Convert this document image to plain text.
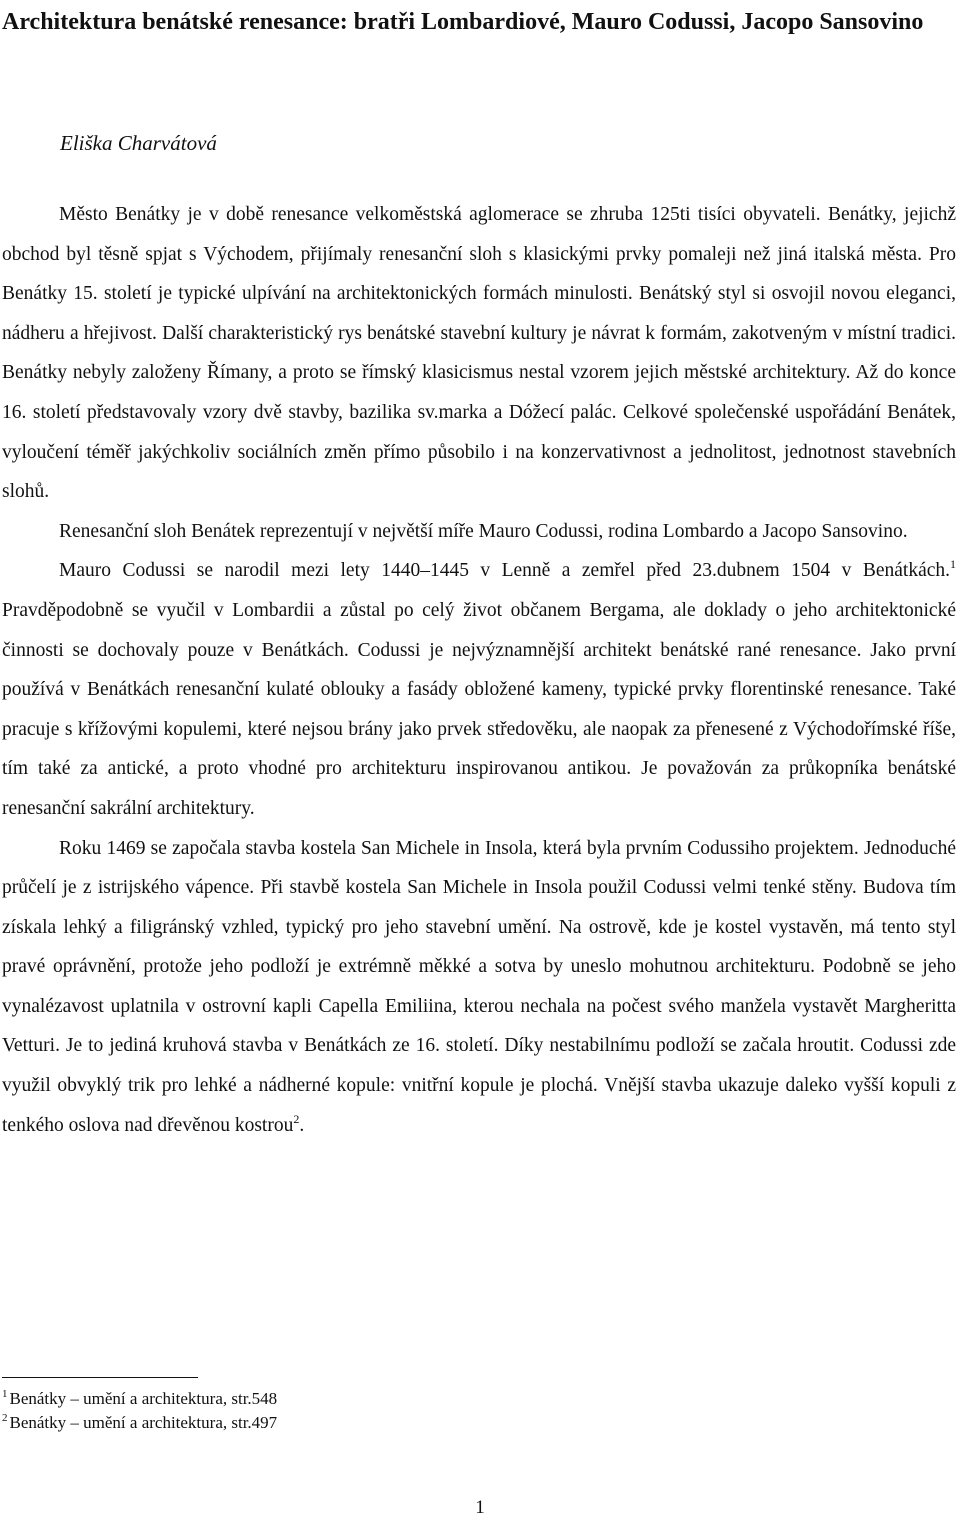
Architektura benátské renesance: bratři Lombardiové, Mauro Codussi, Jacopo Sansovino

Eliška Charvátová

Město Benátky je v době renesance velkoměstská aglomerace se zhruba 125ti tisíci obyvateli. Benátky, jejichž obchod byl těsně spjat s Východem, přijímaly renesanční sloh s klasickými prvky pomaleji než jiná italská města. Pro Benátky 15. století je typické ulpívání na architektonických formách minulosti. Benátský styl si osvojil novou eleganci, nádheru a hřejivost. Další charakteristický rys benátské stavební kultury je návrat k formám, zakotveným v místní tradici. Benátky nebyly založeny Římany, a proto se římský klasicismus nestal vzorem jejich městské architektury. Až do konce 16. století představovaly vzory dvě stavby, bazilika sv.marka a Dóžecí palác. Celkové společenské uspořádání Benátek, vyloučení téměř jakýchkoliv sociálních změn přímo působilo i na konzervativnost a jednolitost, jednotnost stavebních slohů.

Renesanční sloh Benátek reprezentují v největší míře Mauro Codussi, rodina Lombardo a Jacopo Sansovino.

Mauro Codussi se narodil mezi lety 1440–1445 v Lenně a zemřel před 23.dubnem 1504 v Benátkách.$^1$ Pravděpodobně se vyučil v Lombardii a zůstal po celý život občanem Bergama, ale doklady o jeho architektonické činnosti se dochovaly pouze v Benátkách. Codussi je nejvýznamnější architekt benátské rané renesance. Jako první používá v Benátkách renesanční kulaté oblouky a fasády obložené kameny, typické prvky florentinské renesance. Také pracuje s křížovými kopulemi, které nejsou brány jako prvek středověku, ale naopak za přenesené z Východořímské říše, tím také za antické, a proto vhodné pro architekturu inspirovanou antikou. Je považován za průkopníka benátské renesanční sakrální architektury.

Roku 1469 se započala stavba kostela San Michele in Insola, která byla prvním Codussiho projektem. Jednoduché průčelí je z istrijského vápence. Při stavbě kostela San Michele in Insola použil Codussi velmi tenké stěny. Budova tím získala lehký a filigránský vzhled, typický pro jeho stavební umění. Na ostrově, kde je kostel vystavěn, má tento styl pravé oprávnění, protože jeho podloží je extrémně měkké a sotva by uneslo mohutnou architekturu. Podobně se jeho vynalézavost uplatnila v ostrovní kapli Capella Emiliina, kterou nechala na počest svého manžela vystavět Margheritta Vetturi. Je to jediná kruhová stavba v Benátkách ze 16. století. Díky nestabilnímu podloží se začala hroutit. Codussi zde využil obvyklý trik pro lehké a nádherné kopule: vnitřní kopule je plochá. Vnější stavba ukazuje daleko vyšší kopuli z tenkého oslova nad dřevěnou kostrou$^2$.

$^1$ Benátky – umění a architektura, str.548

$^2$ Benátky – umění a architektura, str.497

1
